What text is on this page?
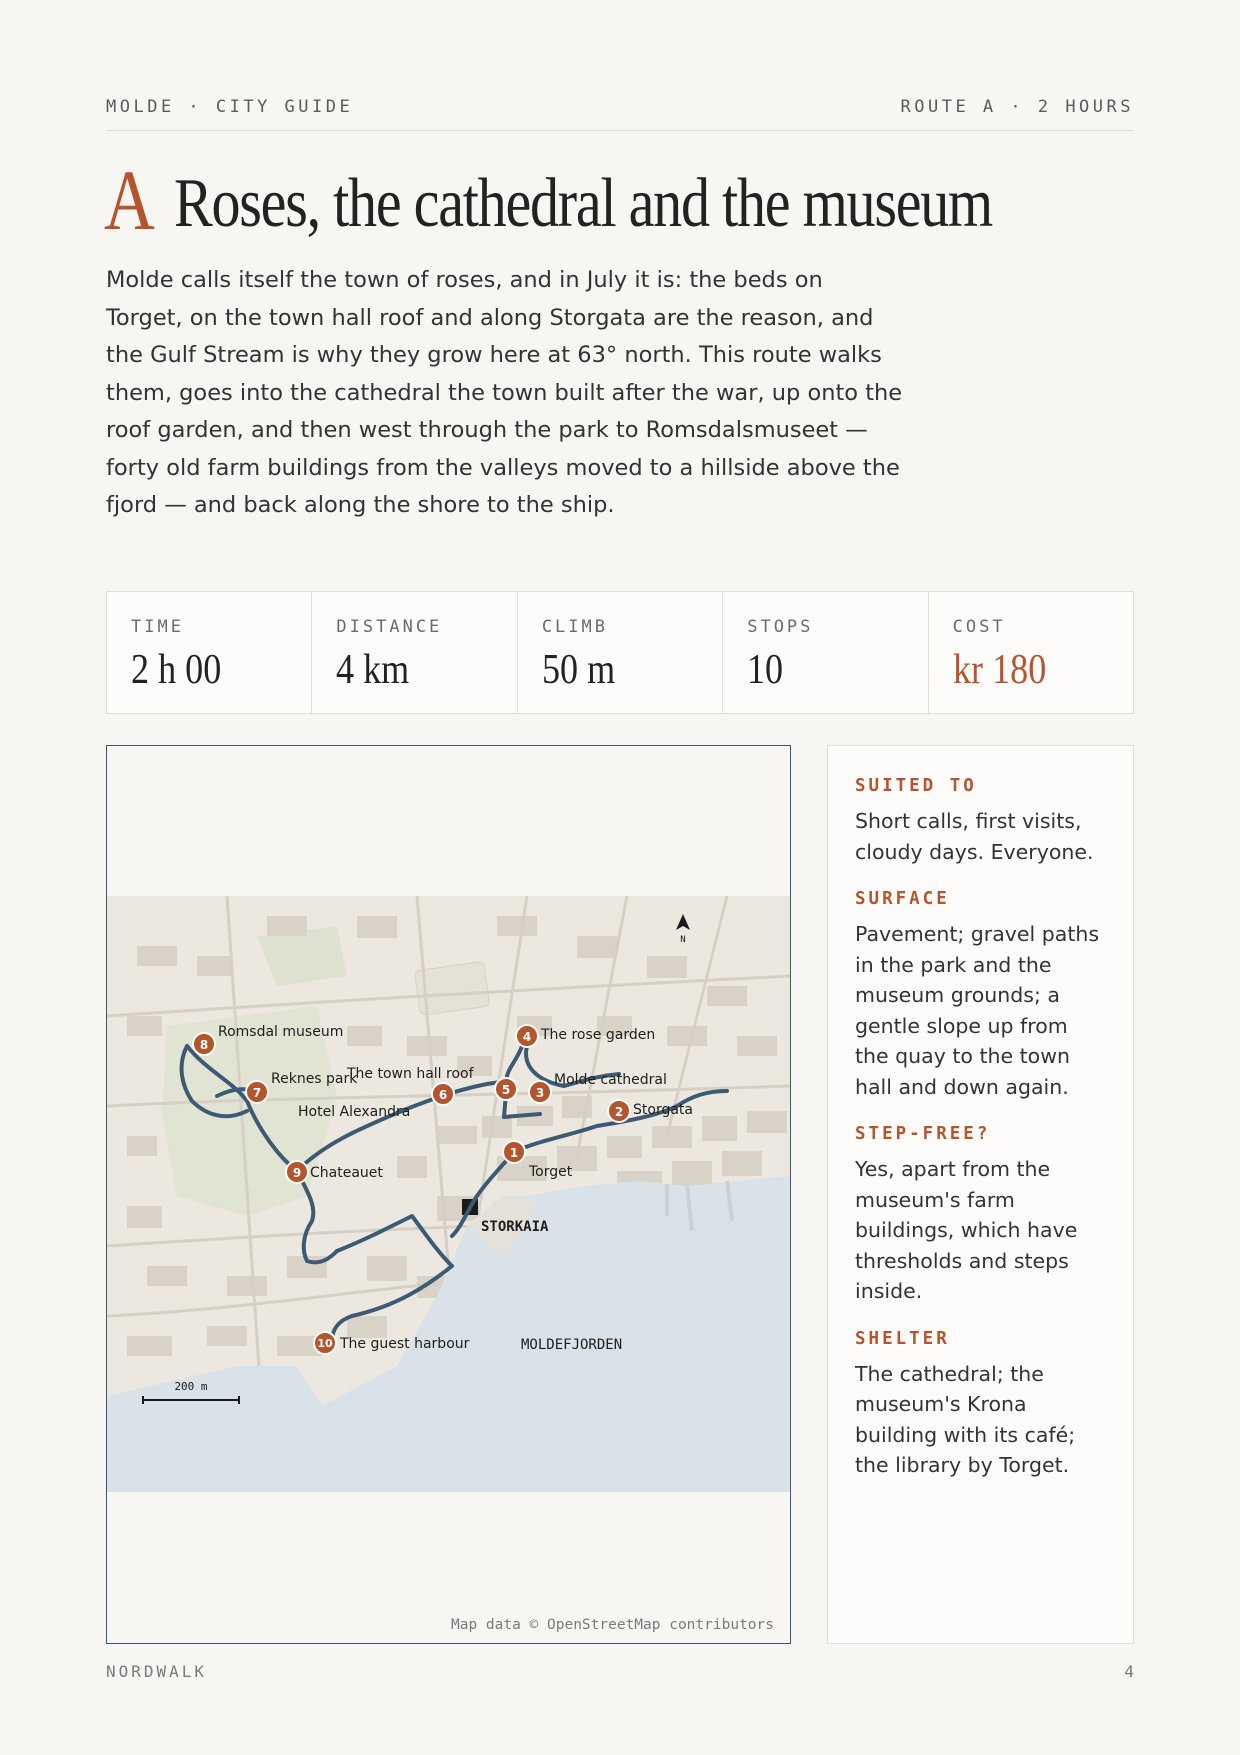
MOLDE · CITY GUIDE	ROUTE A · 2 HOURS
A Roses, the cathedral and the museum

Molde calls itself the town of roses, and in July it is: the beds on Torget, on the town hall roof and along Storgata are the reason, and the Gulf Stream is why they grow here at 63° north. This route walks them, goes into the cathedral the town built after the war, up onto the roof garden, and then west through the park to Romsdalsmuseet — forty old farm buildings from the valleys moved to a hillside above the fjord — and back along the shore to the ship.

TIME
2 h 00
DISTANCE
4 km
CLIMB
50 m
STOPS
10
COST
kr 180
1
2
3
4
5
6
7
8
9
10
Torget
Storgata
Molde cathedral
The rose garden
The town hall roof
Reknes park
Romsdal museum
Chateauet
The guest harbour
Hotel Alexandra
STORKAIA
MOLDEFJORDEN
N
200 m
Map data © OpenStreetMap contributors
SUITED TO

Short calls, first visits, cloudy days. Everyone.

SURFACE

Pavement; gravel paths in the park and the museum grounds; a gentle slope up from the quay to the town hall and down again.

STEP-FREE?

Yes, apart from the museum's farm buildings, which have thresholds and steps inside.

SHELTER

The cathedral; the museum's Krona building with its café; the library by Torget.

NORDWALK	4
